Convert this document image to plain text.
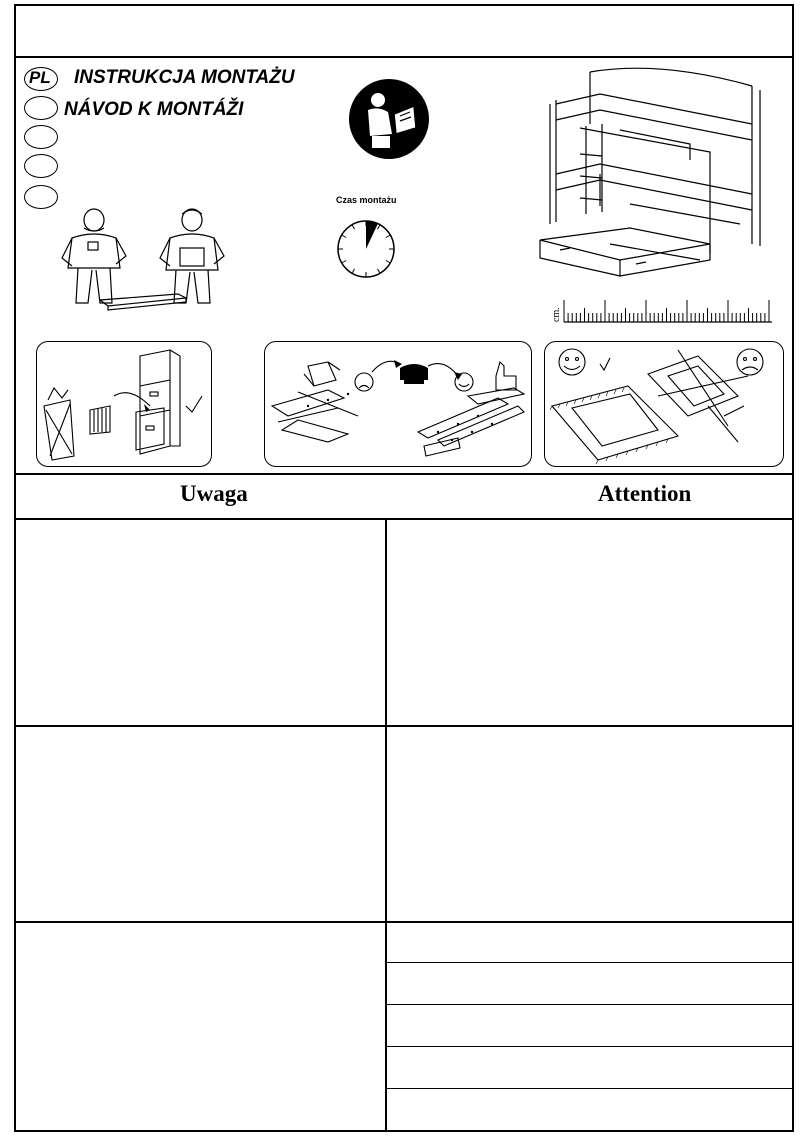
PL INSTRUKCJA MONTAŻU
NÁVOD K MONTÁŽI
Czas montażu
cm.
Uwaga	Attention
